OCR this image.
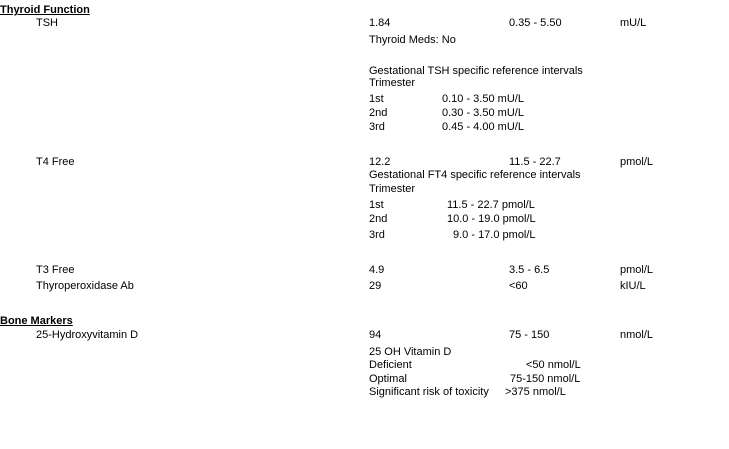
Thyroid Function
TSH	1.84	0.35 - 5.50	mU/L
Thyroid Meds: No
Gestational TSH specific reference intervals
Trimester
1st	0.10 - 3.50 mU/L
2nd	0.30 - 3.50 mU/L
3rd	0.45 - 4.00 mU/L
T4 Free	12.2	11.5 - 22.7	pmol/L
Gestational FT4 specific reference intervals
Trimester
1st	11.5 - 22.7 pmol/L
2nd	10.0 - 19.0 pmol/L
3rd	9.0 - 17.0 pmol/L
T3 Free	4.9	3.5 - 6.5	pmol/L
Thyroperoxidase Ab	29	<60	kIU/L
Bone Markers
25-Hydroxyvitamin D	94	75 - 150	nmol/L
25 OH Vitamin D
Deficient	<50 nmol/L
Optimal	75-150 nmol/L
Significant risk of toxicity >375 nmol/L
